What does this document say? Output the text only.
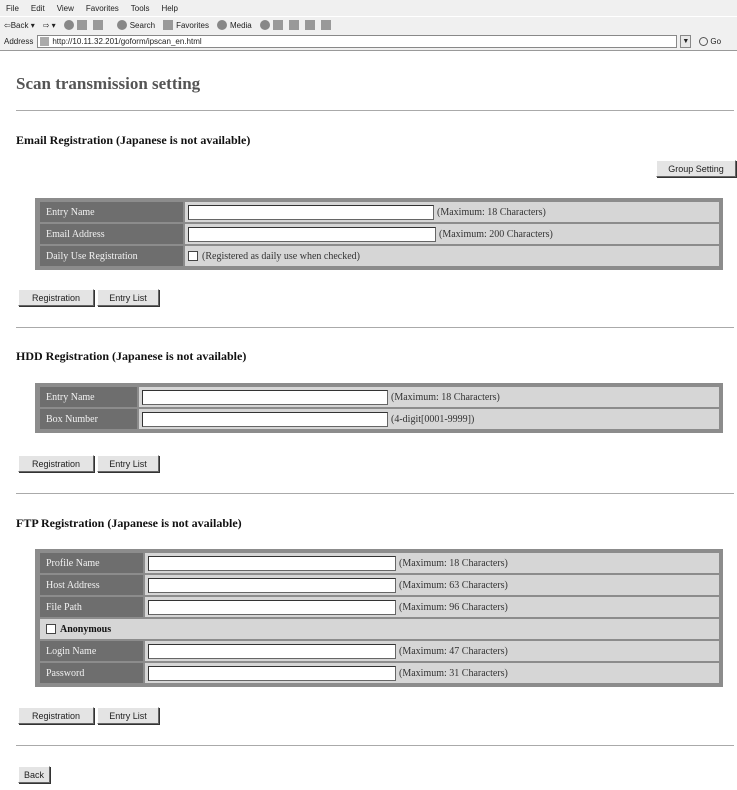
File Edit View Favorites Tools Help
⇦ Back ▾ ⇨ ▾	Search	Favorites	Media
Address http://10.11.32.201/goform/ipscan_en.html	▼	Go
Scan transmission setting
Email Registration (Japanese is not available)
Group Setting
Entry Name	(Maximum: 18 Characters)
Email Address	(Maximum: 200 Characters)
Daily Use Registration	(Registered as daily use when checked)
Registration	Entry List
HDD Registration (Japanese is not available)
Entry Name	(Maximum: 18 Characters)
Box Number	(4-digit[0001-9999])
Registration	Entry List
FTP Registration (Japanese is not available)
Profile Name	(Maximum: 18 Characters)
Host Address	(Maximum: 63 Characters)
File Path	(Maximum: 96 Characters)
Anonymous
Login Name	(Maximum: 47 Characters)
Password	(Maximum: 31 Characters)
Registration	Entry List
Back
